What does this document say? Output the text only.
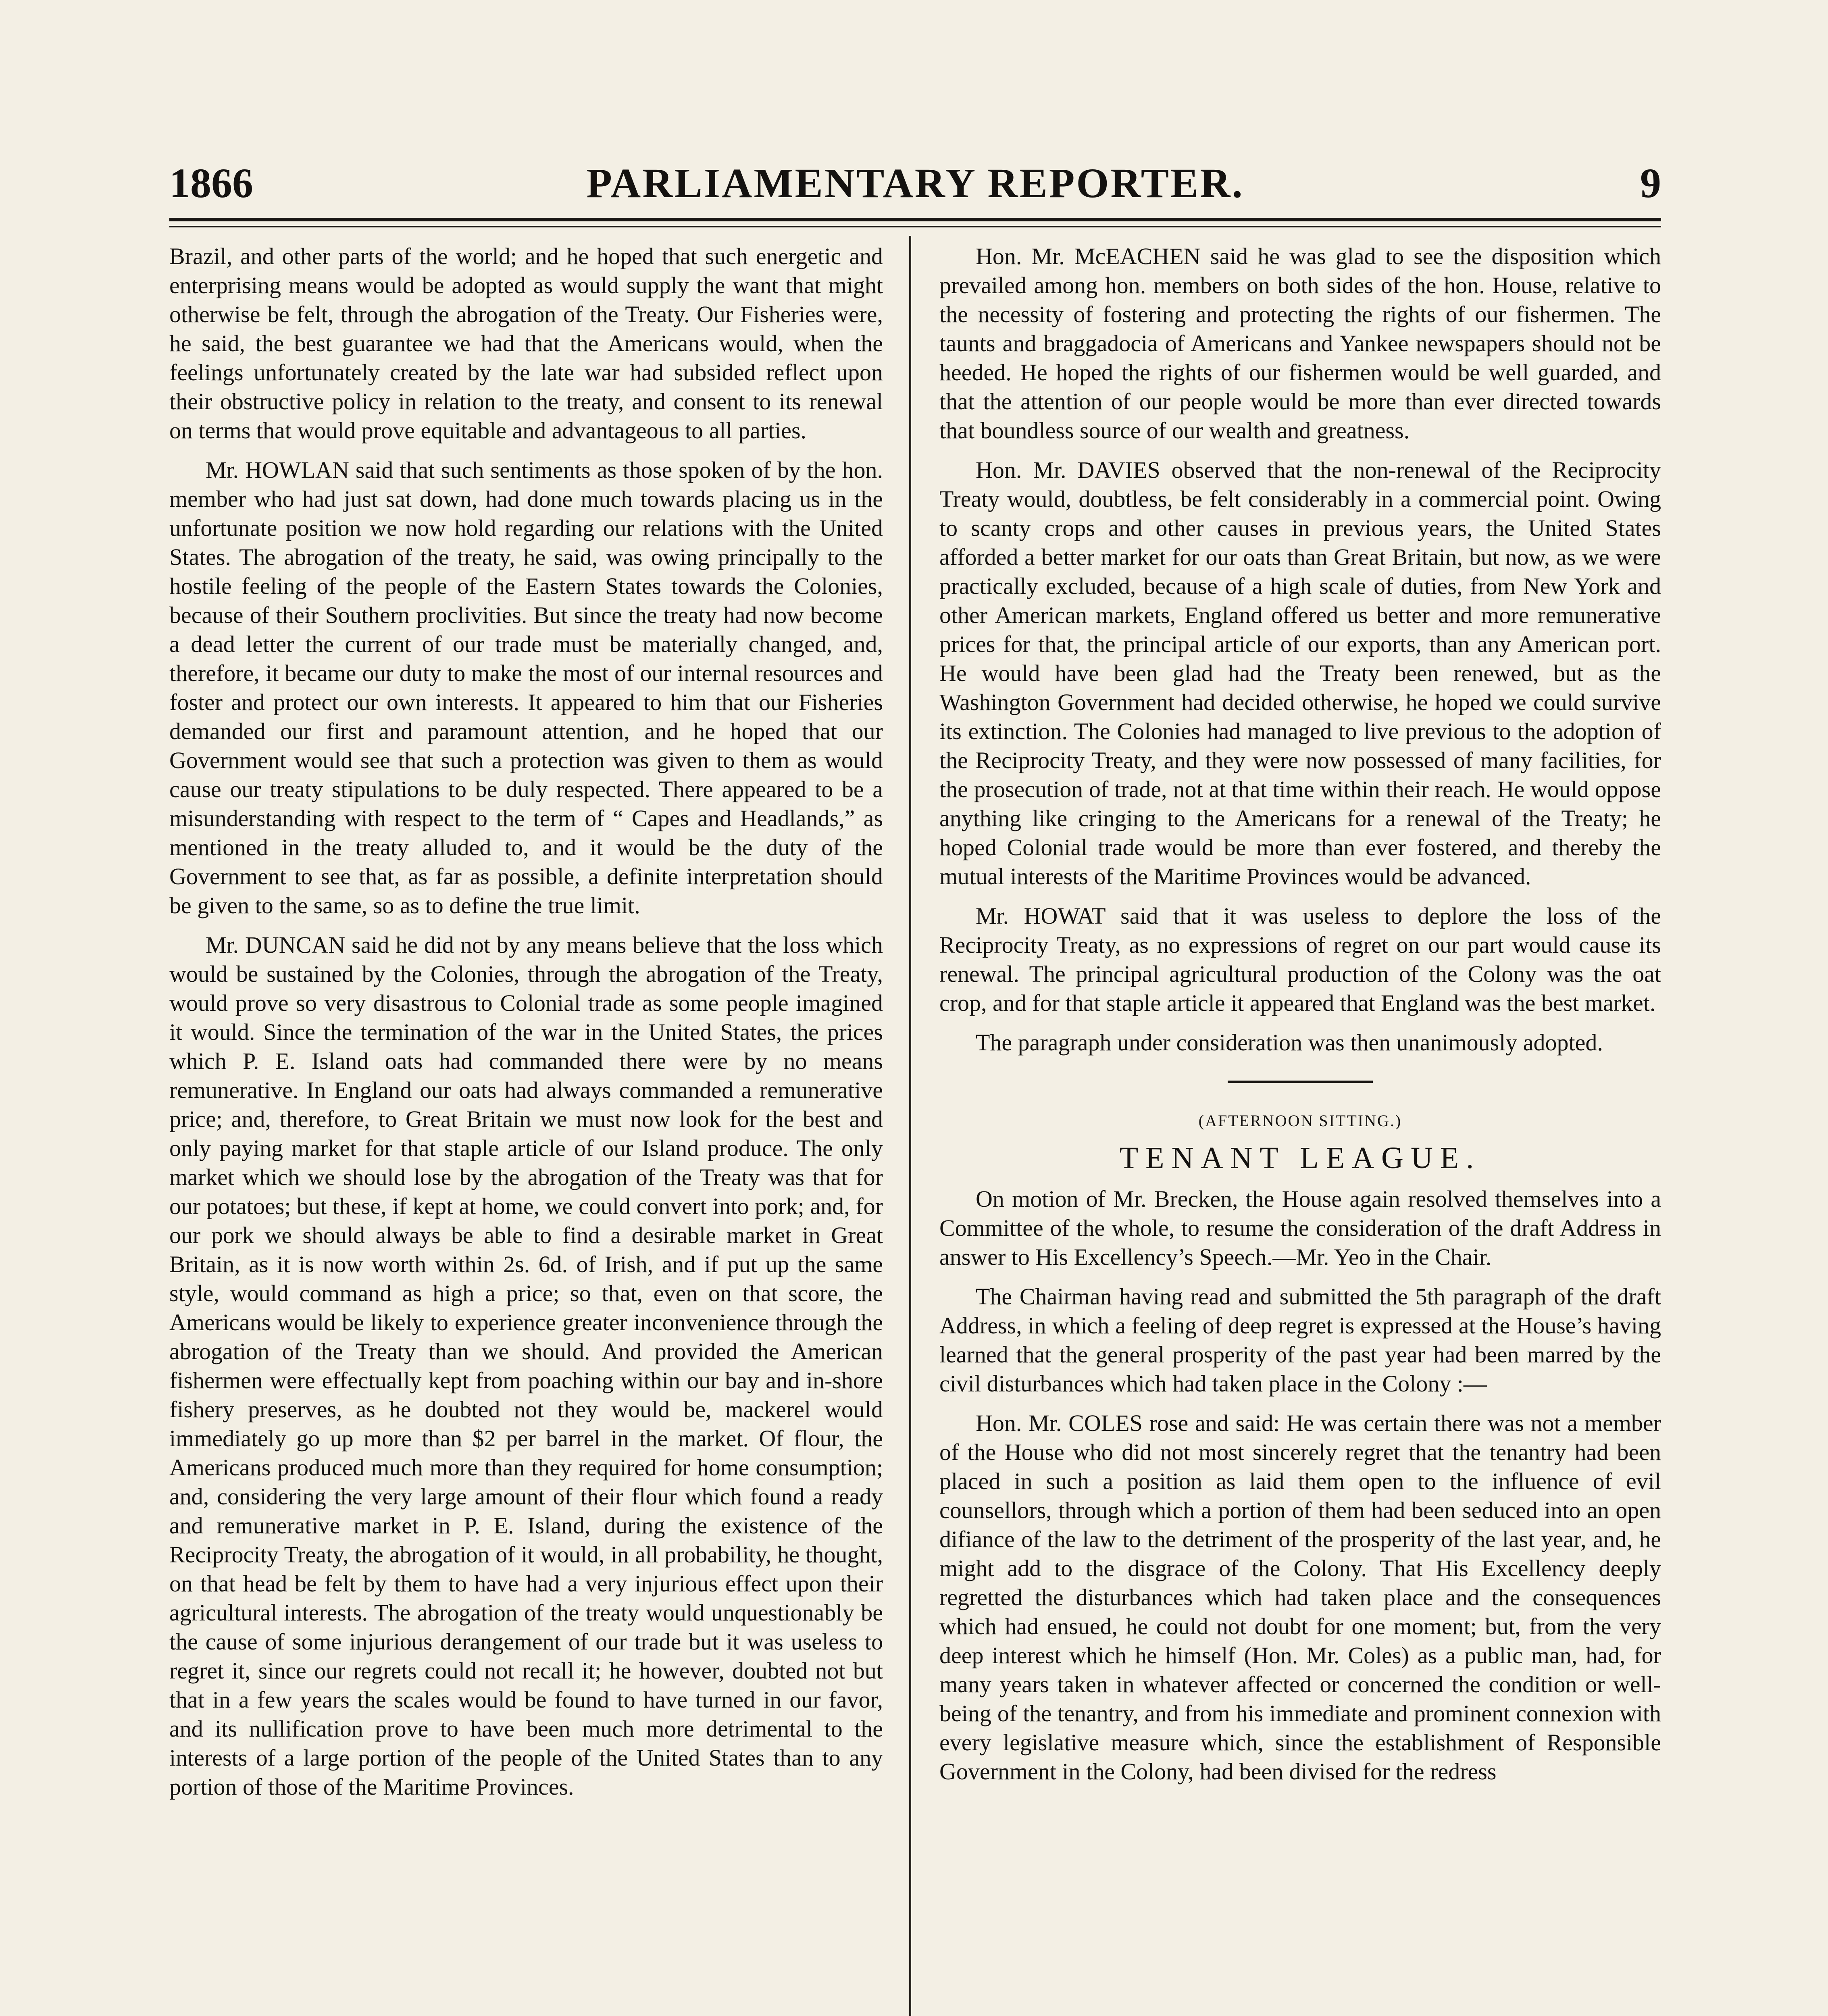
1866	PARLIAMENTARY REPORTER.	9

Brazil, and other parts of the world; and he hoped that such energetic and enterprising means would be adopted as would supply the want that might otherwise be felt, through the abrogation of the Treaty. Our Fisheries were, he said, the best guarantee we had that the Americans would, when the feelings unfortunately created by the late war had subsided reflect upon their obstructive policy in relation to the treaty, and consent to its renewal on terms that would prove equitable and advantageous to all parties.

Mr. HOWLAN said that such sentiments as those spoken of by the hon. member who had just sat down, had done much towards placing us in the unfortunate position we now hold regarding our relations with the United States. The abrogation of the treaty, he said, was owing principally to the hostile feeling of the people of the Eastern States towards the Colonies, because of their Southern proclivities. But since the treaty had now become a dead letter the current of our trade must be materially changed, and, therefore, it became our duty to make the most of our internal resources and foster and protect our own interests. It appeared to him that our Fisheries demanded our first and paramount attention, and he hoped that our Government would see that such a protection was given to them as would cause our treaty stipulations to be duly respected. There appeared to be a misunderstanding with respect to the term of “ Capes and Headlands,” as mentioned in the treaty alluded to, and it would be the duty of the Government to see that, as far as possible, a definite interpretation should be given to the same, so as to define the true limit.

Mr. DUNCAN said he did not by any means believe that the loss which would be sustained by the Colonies, through the abrogation of the Treaty, would prove so very disastrous to Colonial trade as some people imagined it would. Since the termination of the war in the United States, the prices which P. E. Island oats had commanded there were by no means remunerative. In England our oats had always commanded a remunerative price; and, therefore, to Great Britain we must now look for the best and only paying market for that staple article of our Island produce. The only market which we should lose by the abrogation of the Treaty was that for our potatoes; but these, if kept at home, we could convert into pork; and, for our pork we should always be able to find a desirable market in Great Britain, as it is now worth within 2s. 6d. of Irish, and if put up the same style, would command as high a price; so that, even on that score, the Americans would be likely to experience greater inconvenience through the abrogation of the Treaty than we should. And provided the American fishermen were effectually kept from poaching within our bay and in-shore fishery preserves, as he doubted not they would be, mackerel would immediately go up more than $2 per barrel in the market. Of flour, the Americans produced much more than they required for home consumption; and, considering the very large amount of their flour which found a ready and remunerative market in P. E. Island, during the existence of the Reciprocity Treaty, the abrogation of it would, in all probability, he thought, on that head be felt by them to have had a very injurious effect upon their agricultural interests. The abrogation of the treaty would unquestionably be the cause of some injurious derangement of our trade but it was useless to regret it, since our regrets could not recall it; he however, doubted not but that in a few years the scales would be found to have turned in our favor, and its nullification prove to have been much more detrimental to the interests of a large portion of the people of the United States than to any portion of those of the Maritime Provinces.

Hon. Mr. McEACHEN said he was glad to see the disposition which prevailed among hon. members on both sides of the hon. House, relative to the necessity of fostering and protecting the rights of our fishermen. The taunts and braggadocia of Americans and Yankee newspapers should not be heeded. He hoped the rights of our fishermen would be well guarded, and that the attention of our people would be more than ever directed towards that boundless source of our wealth and greatness.

Hon. Mr. DAVIES observed that the non-renewal of the Reciprocity Treaty would, doubtless, be felt considerably in a commercial point. Owing to scanty crops and other causes in previous years, the United States afforded a better market for our oats than Great Britain, but now, as we were practically excluded, because of a high scale of duties, from New York and other American markets, England offered us better and more remunerative prices for that, the principal article of our exports, than any American port. He would have been glad had the Treaty been renewed, but as the Washington Government had decided otherwise, he hoped we could survive its extinction. The Colonies had managed to live previous to the adoption of the Reciprocity Treaty, and they were now possessed of many facilities, for the prosecution of trade, not at that time within their reach. He would oppose anything like cringing to the Americans for a renewal of the Treaty; he hoped Colonial trade would be more than ever fostered, and thereby the mutual interests of the Maritime Provinces would be advanced.

Mr. HOWAT said that it was useless to deplore the loss of the Reciprocity Treaty, as no expressions of regret on our part would cause its renewal. The principal agricultural production of the Colony was the oat crop, and for that staple article it appeared that England was the best market.

The paragraph under consideration was then unanimously adopted.

(AFTERNOON SITTING.)
TENANT LEAGUE.

On motion of Mr. Brecken, the House again resolved themselves into a Committee of the whole, to resume the consideration of the draft Address in answer to His Excellency’s Speech.—Mr. Yeo in the Chair.

The Chairman having read and submitted the 5th paragraph of the draft Address, in which a feeling of deep regret is expressed at the House’s having learned that the general prosperity of the past year had been marred by the civil disturbances which had taken place in the Colony :—

Hon. Mr. COLES rose and said: He was certain there was not a member of the House who did not most sincerely regret that the tenantry had been placed in such a position as laid them open to the influence of evil counsellors, through which a portion of them had been seduced into an open difiance of the law to the detriment of the prosperity of the last year, and, he might add to the disgrace of the Colony. That His Excellency deeply regretted the disturbances which had taken place and the consequences which had ensued, he could not doubt for one moment; but, from the very deep interest which he himself (Hon. Mr. Coles) as a public man, had, for many years taken in whatever affected or concerned the condition or well-being of the tenantry, and from his immediate and prominent connexion with every legislative measure which, since the establishment of Responsible Government in the Colony, had been divised for the redress
